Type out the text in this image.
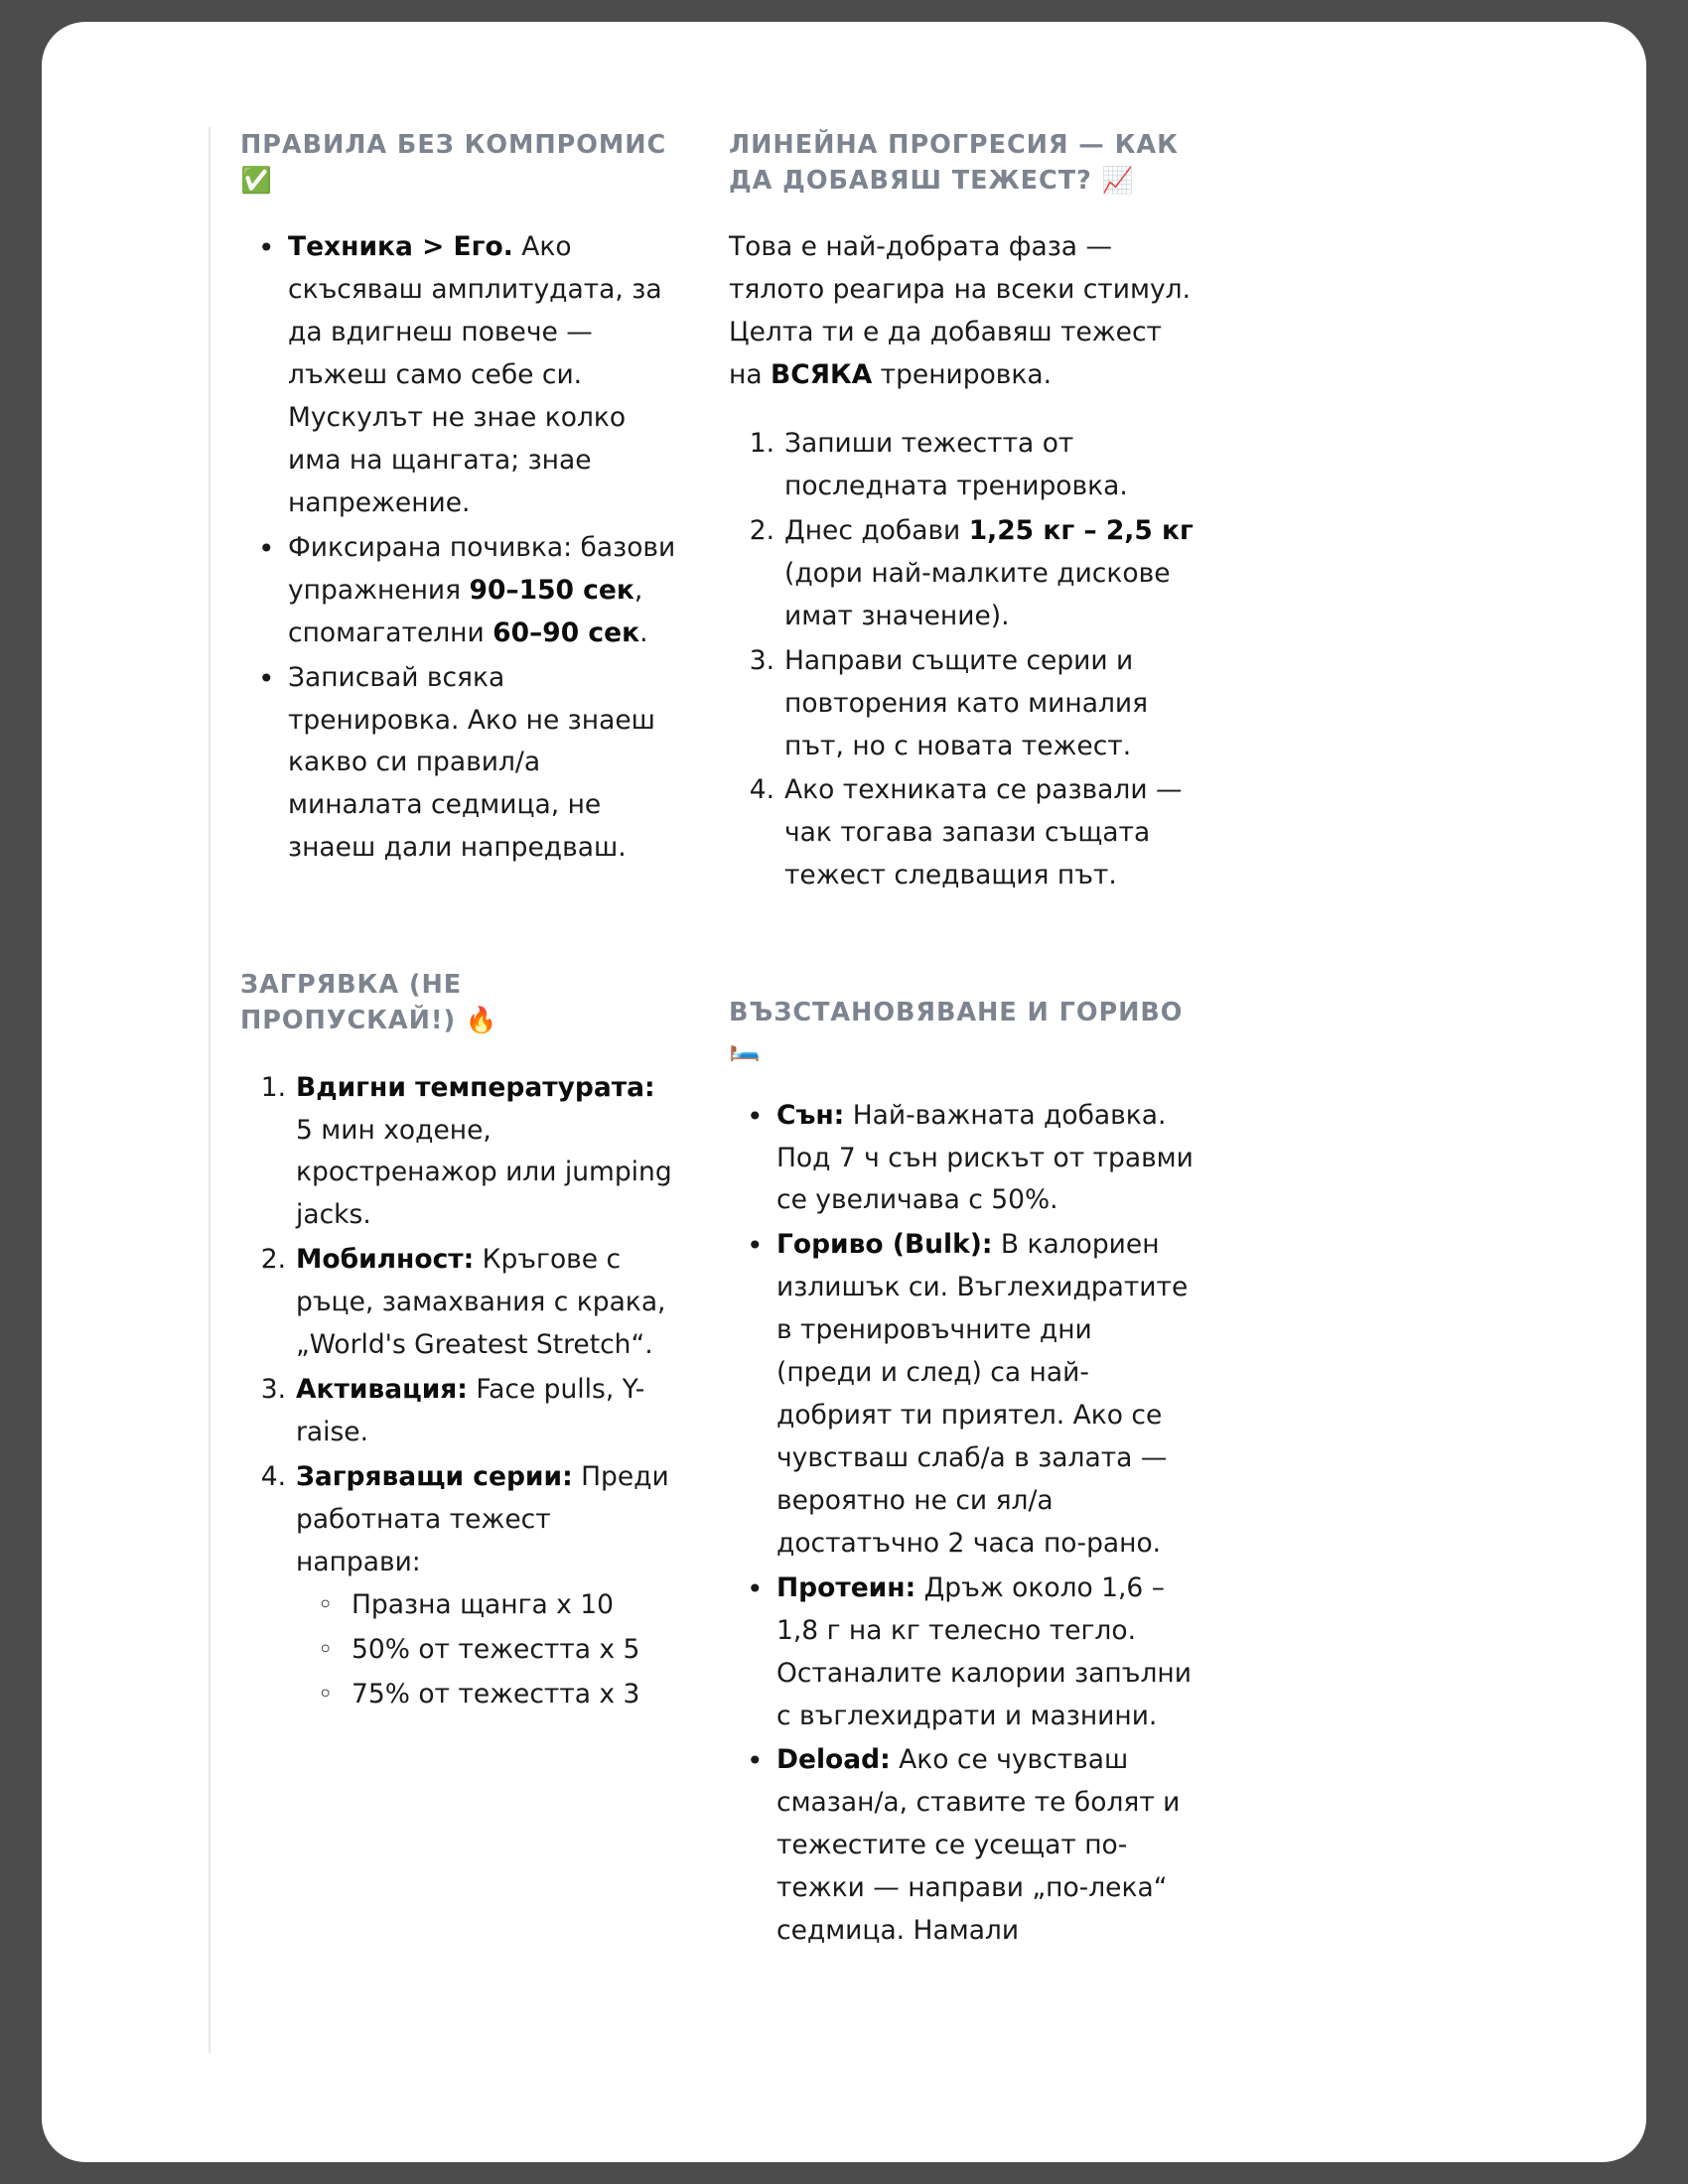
ПРАВИЛА БЕЗ КОМПРОМИС ✅
• Техника > Его. Ако скъсяваш амплитудата, за да вдигнеш повече — лъжеш само себе си. Мускулът не знае колко има на щангата; знае напрежение.
• Фиксирана почивка: базови упражнения 90–150 сек, спомагателни 60–90 сек.
• Записвай всяка тренировка. Ако не знаеш какво си правил/а миналата седмица, не знаеш дали напредваш.
ЗАГРЯВКА (НЕ ПРОПУСКАЙ!) 🔥
Вдигни температурата: 5 мин ходене, кростренажор или jumping jacks.
Мобилност: Кръгове с ръце, замахвания с крака, „World's Greatest Stretch“.
Активация: Face pulls, Y-raise.
Загряващи серии: Преди работната тежест направи:
◦ Празна щанга x 10
◦ 50% от тежестта x 5
◦ 75% от тежестта x 3
ЛИНЕЙНА ПРОГРЕСИЯ — КАК ДА ДОБАВЯШ ТЕЖЕСТ? 📈

Това е най-добрата фаза — тялото реагира на всеки стимул. Целта ти е да добавяш тежест на ВСЯКА тренировка.

Запиши тежестта от последната тренировка.
Днес добави 1,25 кг – 2,5 кг (дори най-малките дискове имат значение).
Направи същите серии и повторения като миналия път, но с новата тежест.
Ако техниката се развали — чак тогава запази същата тежест следващия път.
ВЪЗСТАНОВЯВАНЕ И ГОРИВО 🛏️
• Сън: Най-важната добавка. Под 7 ч сън рискът от травми се увеличава с 50%.
• Гориво (Bulk): В калориен излишък си. Въглехидратите в тренировъчните дни (преди и след) са най-добрият ти приятел. Ако се чувстваш слаб/а в залата — вероятно не си ял/а достатъчно 2 часа по-рано.
• Протеин: Дръж около 1,6 – 1,8 г на кг телесно тегло. Останалите калории запълни с въглехидрати и мазнини.
• Deload: Ако се чувстваш смазан/а, ставите те болят и тежестите се усещат по-тежки — направи „по-лека“ седмица. Намали
